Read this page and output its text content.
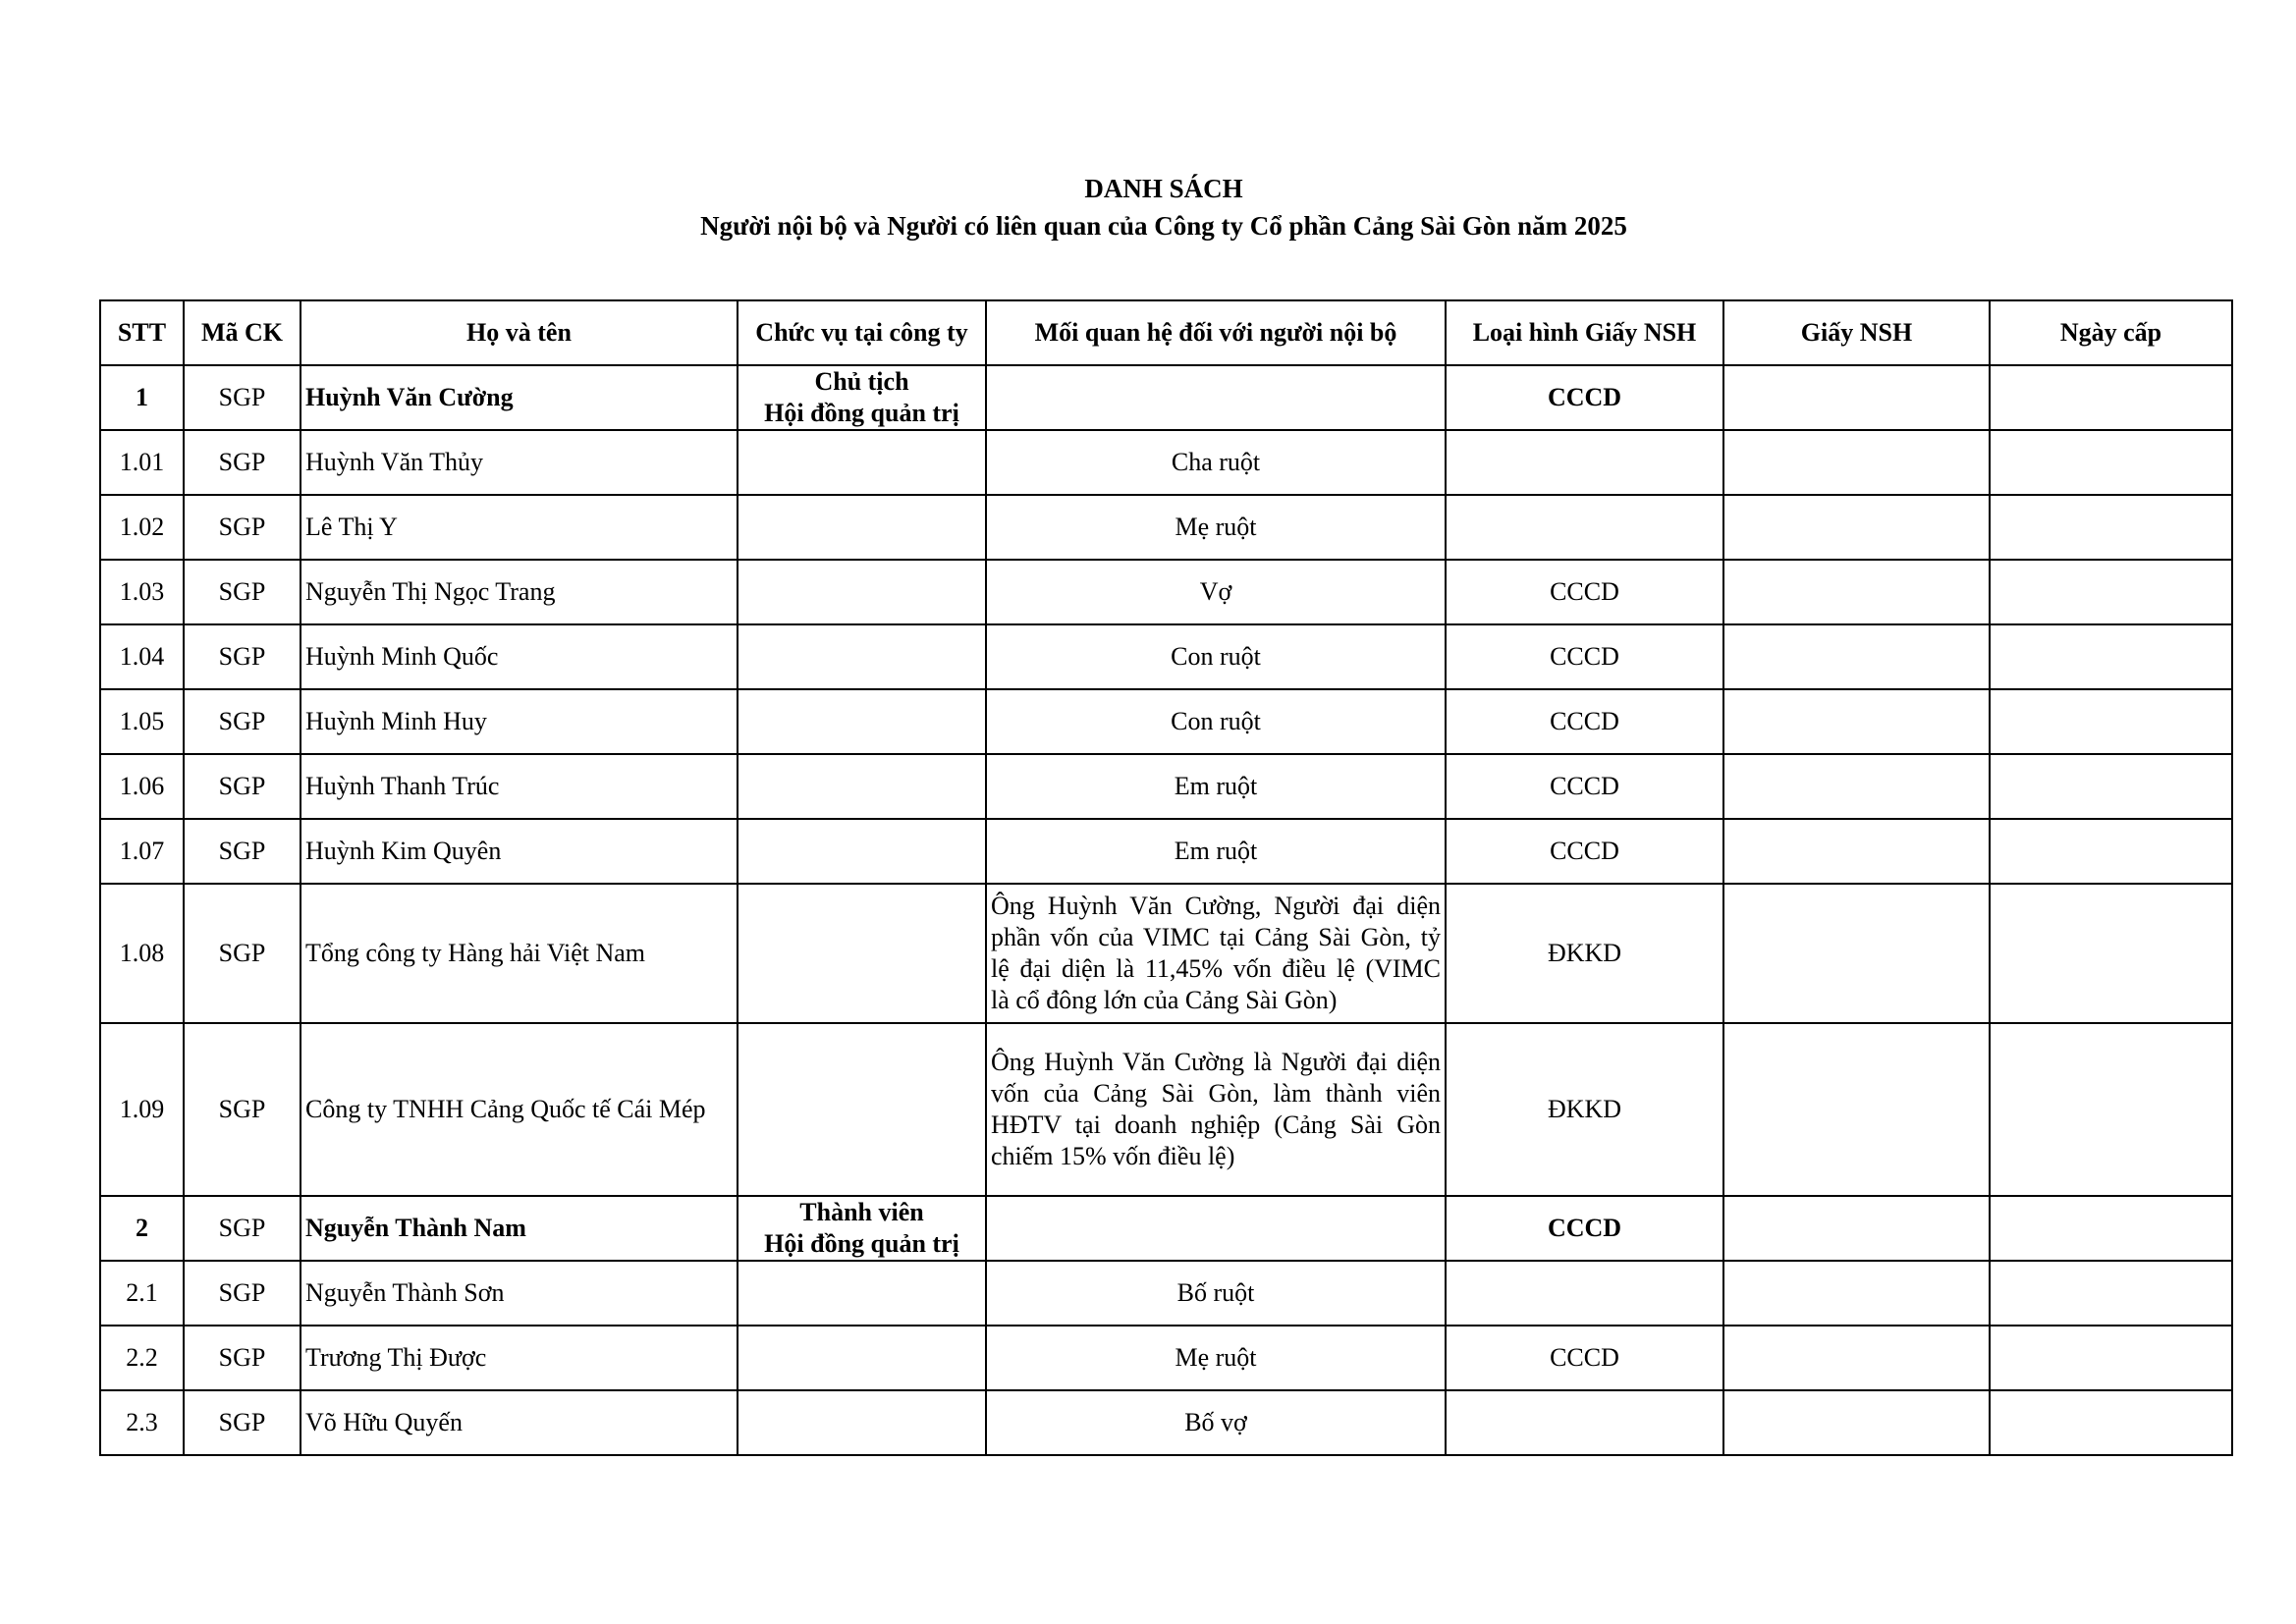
DANH SÁCH
Người nội bộ và Người có liên quan của Công ty Cổ phần Cảng Sài Gòn năm 2025
STT	Mã CK	Họ và tên	Chức vụ tại công ty	Mối quan hệ đối với người nội bộ	Loại hình Giấy NSH	Giấy NSH	Ngày cấp
1	SGP	Huỳnh Văn Cường	Chủ tịch
Hội đồng quản trị		CCCD		
1.01	SGP	Huỳnh Văn Thủy		Cha ruột			
1.02	SGP	Lê Thị Y		Mẹ ruột			
1.03	SGP	Nguyễn Thị Ngọc Trang		Vợ	CCCD		
1.04	SGP	Huỳnh Minh Quốc		Con ruột	CCCD		
1.05	SGP	Huỳnh Minh Huy		Con ruột	CCCD		
1.06	SGP	Huỳnh Thanh Trúc		Em ruột	CCCD		
1.07	SGP	Huỳnh Kim Quyên		Em ruột	CCCD		
1.08	SGP	Tổng công ty Hàng hải Việt Nam		Ông Huỳnh Văn Cường, Người đại diện
phần vốn của VIMC tại Cảng Sài Gòn, tỷ
lệ đại diện là 11,45% vốn điều lệ (VIMC
là cổ đông lớn của Cảng Sài Gòn)	ĐKKD		
1.09	SGP	Công ty TNHH Cảng Quốc tế Cái Mép		Ông Huỳnh Văn Cường là Người đại diện
vốn của Cảng Sài Gòn, làm thành viên
HĐTV tại doanh nghiệp (Cảng Sài Gòn
chiếm 15% vốn điều lệ)	ĐKKD		
2	SGP	Nguyễn Thành Nam	Thành viên
Hội đồng quản trị		CCCD		
2.1	SGP	Nguyễn Thành Sơn		Bố ruột			
2.2	SGP	Trương Thị Được		Mẹ ruột	CCCD		
2.3	SGP	Võ Hữu Quyến		Bố vợ			
